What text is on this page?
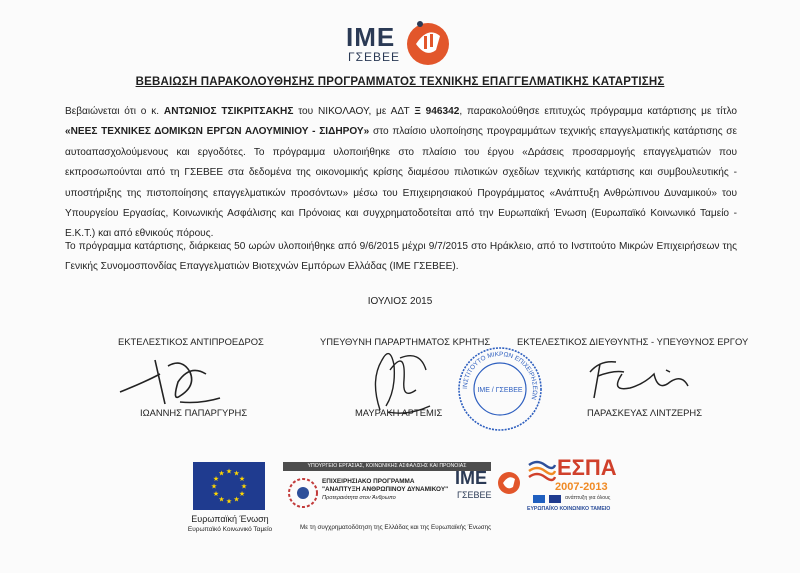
ΙΜΕ
ΓΣΕΒΕΕ
ΒΕΒΑΙΩΣΗ ΠΑΡΑΚΟΛΟΥΘΗΣΗΣ ΠΡΟΓΡΑΜΜΑΤΟΣ ΤΕΧΝΙΚΗΣ ΕΠΑΓΓΕΛΜΑΤΙΚΗΣ ΚΑΤΑΡΤΙΣΗΣ
Βεβαιώνεται ότι ο κ. ΑΝΤΩΝΙΟΣ ΤΣΙΚΡΙΤΣΑΚΗΣ του ΝΙΚΟΛΑΟΥ, με ΑΔΤ Ξ 946342, παρακολούθησε επιτυχώς πρόγραμμα κατάρτισης με τίτλο «ΝΕΕΣ ΤΕΧΝΙΚΕΣ ΔΟΜΙΚΩΝ ΕΡΓΩΝ ΑΛΟΥΜΙΝΙΟΥ - ΣΙΔΗΡΟΥ» στο πλαίσιο υλοποίησης προγραμμάτων τεχνικής επαγγελματικής κατάρτισης σε αυτοαπασχολούμενους και εργοδότες. Το πρόγραμμα υλοποιήθηκε στο πλαίσιο του έργου «Δράσεις προσαρμογής επαγγελματιών που εκπροσωπούνται από τη ΓΣΕΒΕΕ στα δεδομένα της οικονομικής κρίσης διαμέσου πιλοτικών σχεδίων τεχνικής κατάρτισης και συμβουλευτικής - υποστήριξης της πιστοποίησης επαγγελματικών προσόντων» μέσω του Επιχειρησιακού Προγράμματος «Ανάπτυξη Ανθρώπινου Δυναμικού» του Υπουργείου Εργασίας, Κοινωνικής Ασφάλισης και Πρόνοιας και συγχρηματοδοτείται από την Ευρωπαϊκή Ένωση (Ευρωπαϊκό Κοινωνικό Ταμείο - Ε.Κ.Τ.) και από εθνικούς πόρους.
Το πρόγραμμα κατάρτισης, διάρκειας 50 ωρών υλοποιήθηκε από 9/6/2015 μέχρι 9/7/2015 στο Ηράκλειο, από το Ινστιτούτο Μικρών Επιχειρήσεων της Γενικής Συνομοσπονδίας Επαγγελματιών Βιοτεχνών Εμπόρων Ελλάδας (ΙΜΕ ΓΣΕΒΕΕ).
ΙΟΥΛΙΟΣ 2015
ΕΚΤΕΛΕΣΤΙΚΟΣ ΑΝΤΙΠΡΟΕΔΡΟΣ	ΥΠΕΥΘΥΝΗ ΠΑΡΑΡΤΗΜΑΤΟΣ ΚΡΗΤΗΣ	ΕΚΤΕΛΕΣΤΙΚΟΣ ΔΙΕΥΘΥΝΤΗΣ - ΥΠΕΥΘΥΝΟΣ ΕΡΓΟΥ
ΙΝΣΤΙΤΟΥΤΟ ΜΙΚΡΩΝ ΕΠΙΧΕΙΡΗΣΕΩΝ
ΙΜΕ / ΓΣΕΒΕΕ
ΙΩΑΝΝΗΣ ΠΑΠΑΡΓΥΡΗΣ	ΜΑΥΡΑΚΗ ΑΡΤΕΜΙΣ	ΠΑΡΑΣΚΕΥΑΣ ΛΙΝΤΖΕΡΗΣ
★
★
★
★
★
★
★
★
★ ★ ★
★
Ευρωπαϊκή Ένωση
Ευρωπαϊκό Κοινωνικό Ταμείο
ΥΠΟΥΡΓΕΙΟ ΕΡΓΑΣΙΑΣ, ΚΟΙΝΩΝΙΚΗΣ ΑΣΦΑΛΙΣΗΣ ΚΑΙ ΠΡΟΝΟΙΑΣ
ΕΠΙΧΕΙΡΗΣΙΑΚΟ ΠΡΟΓΡΑΜΜΑ
"ΑΝΑΠΤΥΞΗ ΑΝΘΡΩΠΙΝΟΥ ΔΥΝΑΜΙΚΟΥ"
Προτεραιότητα στον Άνθρωπο
Με τη συγχρηματοδότηση της Ελλάδας και της Ευρωπαϊκής Ένωσης
ΙΜΕ
ΓΣΕΒΕΕ
ΕΣΠΑ
2007-2013
ανάπτυξη για όλους
ΕΥΡΩΠΑΪΚΟ ΚΟΙΝΩΝΙΚΟ ΤΑΜΕΙΟ
